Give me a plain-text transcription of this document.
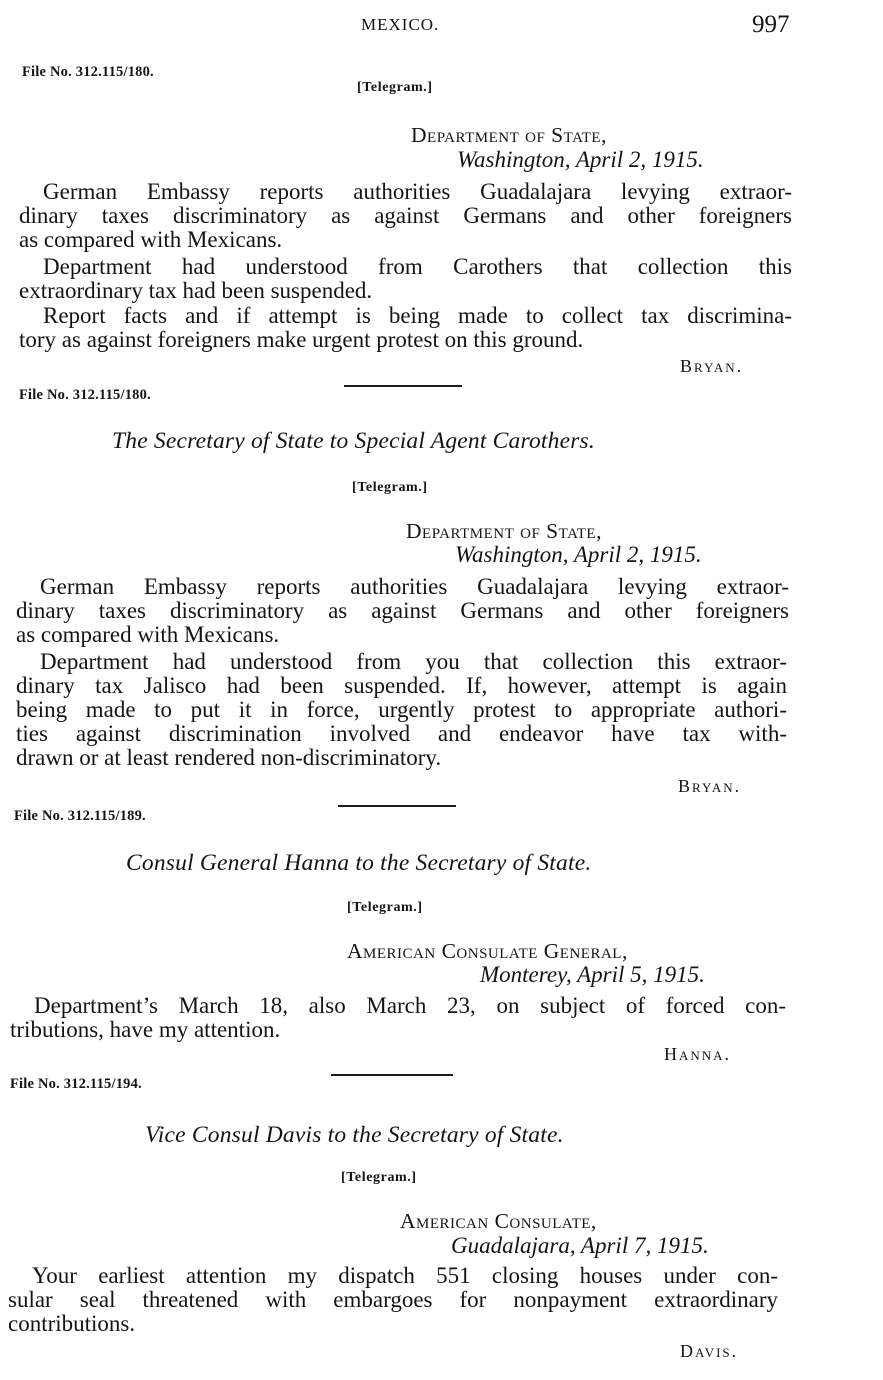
MEXICO.	997
File No. 312.115/180.
[Telegram.]
Department of State,
Washington, April 2, 1915.
German Embassy reports authorities Guadalajara levying extraor-
dinary taxes discriminatory as against Germans and other foreigners
as compared with Mexicans.
Department had understood from Carothers that collection this
extraordinary tax had been suspended.
Report facts and if attempt is being made to collect tax discrimina-
tory as against foreigners make urgent protest on this ground.
Bryan.
File No. 312.115/180.
The Secretary of State to Special Agent Carothers.
[Telegram.]
Department of State,
Washington, April 2, 1915.
German Embassy reports authorities Guadalajara levying extraor-
dinary taxes discriminatory as against Germans and other foreigners
as compared with Mexicans.
Department had understood from you that collection this extraor-
dinary tax Jalisco had been suspended. If, however, attempt is again
being made to put it in force, urgently protest to appropriate authori-
ties against discrimination involved and endeavor have tax with-
drawn or at least rendered non-discriminatory.
Bryan.
File No. 312.115/189.
Consul General Hanna to the Secretary of State.
[Telegram.]
American Consulate General,
Monterey, April 5, 1915.
Department’s March 18, also March 23, on subject of forced con-
tributions, have my attention.
Hanna.
File No. 312.115/194.
Vice Consul Davis to the Secretary of State.
[Telegram.]
American Consulate,
Guadalajara, April 7, 1915.
Your earliest attention my dispatch 551 closing houses under con-
sular seal threatened with embargoes for nonpayment extraordinary
contributions.
Davis.
